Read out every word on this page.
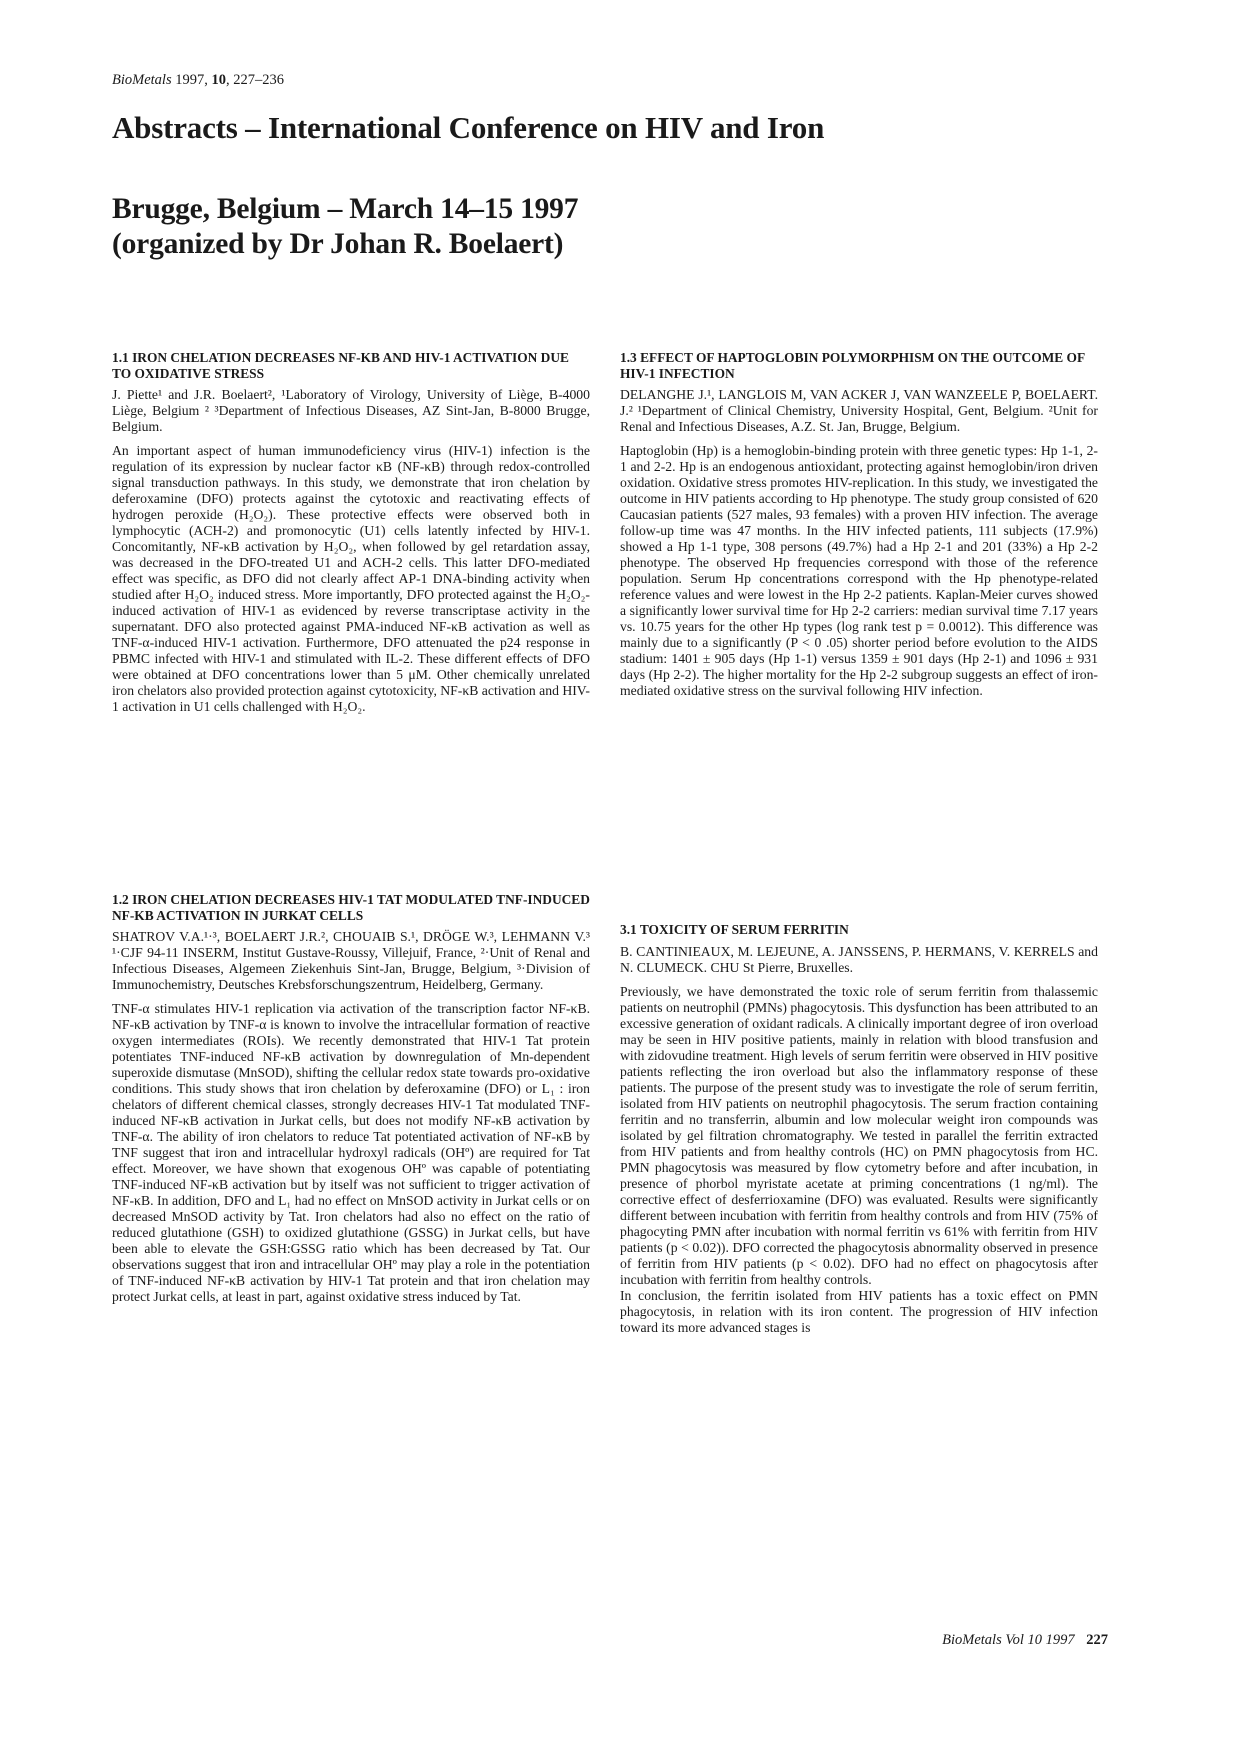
BioMetals 1997, 10, 227–236
Abstracts – International Conference on HIV and Iron
Brugge, Belgium – March 14–15 1997
(organized by Dr Johan R. Boelaert)
1.1 IRON CHELATION DECREASES NF-ΚB AND HIV-1 ACTIVATION DUE TO OXIDATIVE STRESS

J. Piette¹ and J.R. Boelaert², ¹Laboratory of Virology, University of Liège, B-4000 Liège, Belgium ² ³Department of Infectious Diseases, AZ Sint-Jan, B-8000 Brugge, Belgium.

An important aspect of human immunodeficiency virus (HIV-1) infection is the regulation of its expression by nuclear factor κB (NF-κB) through redox-controlled signal transduction pathways. In this study, we demonstrate that iron chelation by deferoxamine (DFO) protects against the cytotoxic and reactivating effects of hydrogen peroxide (H₂O₂). These protective effects were observed both in lymphocytic (ACH-2) and promonocytic (U1) cells latently infected by HIV-1. Concomitantly, NF-κB activation by H₂O₂, when followed by gel retardation assay, was decreased in the DFO-treated U1 and ACH-2 cells. This latter DFO-mediated effect was specific, as DFO did not clearly affect AP-1 DNA-binding activity when studied after H₂O₂ induced stress. More importantly, DFO protected against the H₂O₂-induced activation of HIV-1 as evidenced by reverse transcriptase activity in the supernatant. DFO also protected against PMA-induced NF-κB activation as well as TNF-α-induced HIV-1 activation. Furthermore, DFO attenuated the p24 response in PBMC infected with HIV-1 and stimulated with IL-2. These different effects of DFO were obtained at DFO concentrations lower than 5 μM. Other chemically unrelated iron chelators also provided protection against cytotoxicity, NF-κB activation and HIV-1 activation in U1 cells challenged with H₂O₂.

1.2 IRON CHELATION DECREASES HIV-1 TAT MODULATED TNF-INDUCED NF-ΚB ACTIVATION IN JURKAT CELLS

SHATROV V.A.¹·³, BOELAERT J.R.², CHOUAIB S.¹, DRÖGE W.³, LEHMANN V.³ ¹·CJF 94-11 INSERM, Institut Gustave-Roussy, Villejuif, France, ²·Unit of Renal and Infectious Diseases, Algemeen Ziekenhuis Sint-Jan, Brugge, Belgium, ³·Division of Immunochemistry, Deutsches Krebsforschungszentrum, Heidelberg, Germany.

TNF-α stimulates HIV-1 replication via activation of the transcription factor NF-κB. NF-κB activation by TNF-α is known to involve the intracellular formation of reactive oxygen intermediates (ROIs). We recently demonstrated that HIV-1 Tat protein potentiates TNF-induced NF-κB activation by downregulation of Mn-dependent superoxide dismutase (MnSOD), shifting the cellular redox state towards pro-oxidative conditions. This study shows that iron chelation by deferoxamine (DFO) or L₁ : iron chelators of different chemical classes, strongly decreases HIV-1 Tat modulated TNF-induced NF-κB activation in Jurkat cells, but does not modify NF-κB activation by TNF-α. The ability of iron chelators to reduce Tat potentiated activation of NF-κB by TNF suggest that iron and intracellular hydroxyl radicals (OHº) are required for Tat effect. Moreover, we have shown that exogenous OHº was capable of potentiating TNF-induced NF-κB activation but by itself was not sufficient to trigger activation of NF-κB. In addition, DFO and L₁ had no effect on MnSOD activity in Jurkat cells or on decreased MnSOD activity by Tat. Iron chelators had also no effect on the ratio of reduced glutathione (GSH) to oxidized glutathione (GSSG) in Jurkat cells, but have been able to elevate the GSH:GSSG ratio which has been decreased by Tat. Our observations suggest that iron and intracellular OHº may play a role in the potentiation of TNF-induced NF-κB activation by HIV-1 Tat protein and that iron chelation may protect Jurkat cells, at least in part, against oxidative stress induced by Tat.

1.3 EFFECT OF HAPTOGLOBIN POLYMORPHISM ON THE OUTCOME OF HIV-1 INFECTION

DELANGHE J.¹, LANGLOIS M, VAN ACKER J, VAN WANZEELE P, BOELAERT. J.² ¹Department of Clinical Chemistry, University Hospital, Gent, Belgium. ²Unit for Renal and Infectious Diseases, A.Z. St. Jan, Brugge, Belgium.

Haptoglobin (Hp) is a hemoglobin-binding protein with three genetic types: Hp 1-1, 2-1 and 2-2. Hp is an endogenous antioxidant, protecting against hemoglobin/iron driven oxidation. Oxidative stress promotes HIV-replication. In this study, we investigated the outcome in HIV patients according to Hp phenotype. The study group consisted of 620 Caucasian patients (527 males, 93 females) with a proven HIV infection. The average follow-up time was 47 months. In the HIV infected patients, 111 subjects (17.9%) showed a Hp 1-1 type, 308 persons (49.7%) had a Hp 2-1 and 201 (33%) a Hp 2-2 phenotype. The observed Hp frequencies correspond with those of the reference population. Serum Hp concentrations correspond with the Hp phenotype-related reference values and were lowest in the Hp 2-2 patients. Kaplan-Meier curves showed a significantly lower survival time for Hp 2-2 carriers: median survival time 7.17 years vs. 10.75 years for the other Hp types (log rank test p = 0.0012). This difference was mainly due to a significantly (P < 0 .05) shorter period before evolution to the AIDS stadium: 1401 ± 905 days (Hp 1-1) versus 1359 ± 901 days (Hp 2-1) and 1096 ± 931 days (Hp 2-2). The higher mortality for the Hp 2-2 subgroup suggests an effect of iron-mediated oxidative stress on the survival following HIV infection.

3.1 TOXICITY OF SERUM FERRITIN

B. CANTINIEAUX, M. LEJEUNE, A. JANSSENS, P. HERMANS, V. KERRELS and N. CLUMECK. CHU St Pierre, Bruxelles.

Previously, we have demonstrated the toxic role of serum ferritin from thalassemic patients on neutrophil (PMNs) phagocytosis. This dysfunction has been attributed to an excessive generation of oxidant radicals. A clinically important degree of iron overload may be seen in HIV positive patients, mainly in relation with blood transfusion and with zidovudine treatment. High levels of serum ferritin were observed in HIV positive patients reflecting the iron overload but also the inflammatory response of these patients. The purpose of the present study was to investigate the role of serum ferritin, isolated from HIV patients on neutrophil phagocytosis. The serum fraction containing ferritin and no transferrin, albumin and low molecular weight iron compounds was isolated by gel filtration chromatography. We tested in parallel the ferritin extracted from HIV patients and from healthy controls (HC) on PMN phagocytosis from HC. PMN phagocytosis was measured by flow cytometry before and after incubation, in presence of phorbol myristate acetate at priming concentrations (1 ng/ml). The corrective effect of desferrioxamine (DFO) was evaluated. Results were significantly different between incubation with ferritin from healthy controls and from HIV (75% of phagocyting PMN after incubation with normal ferritin vs 61% with ferritin from HIV patients (p < 0.02)). DFO corrected the phagocytosis abnormality observed in presence of ferritin from HIV patients (p < 0.02). DFO had no effect on phagocytosis after incubation with ferritin from healthy controls.

In conclusion, the ferritin isolated from HIV patients has a toxic effect on PMN phagocytosis, in relation with its iron content. The progression of HIV infection toward its more advanced stages is

BioMetals Vol 10 1997 227
